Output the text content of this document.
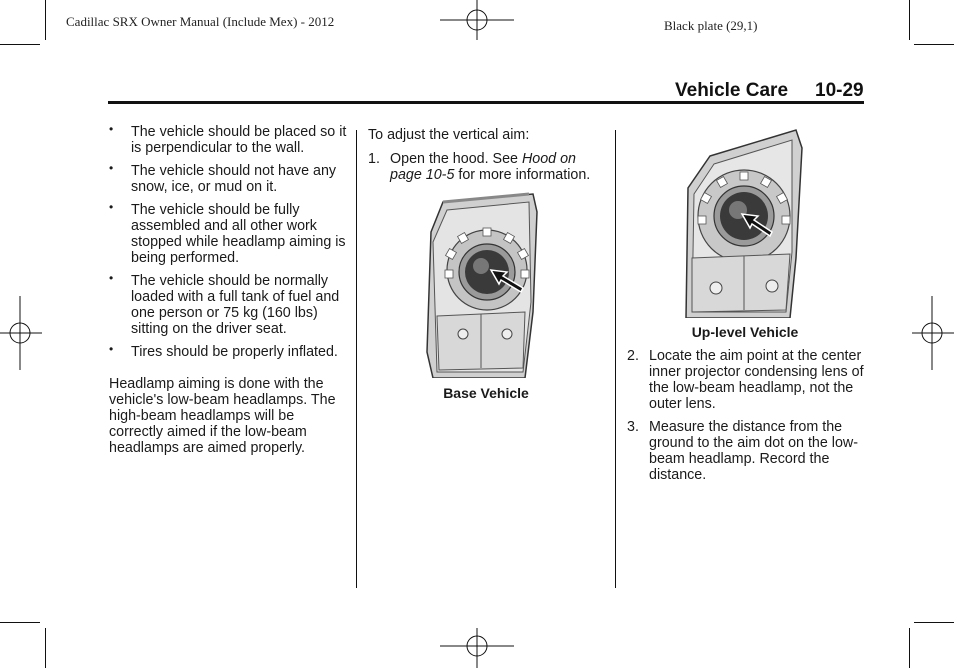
Cadillac SRX Owner Manual (Include Mex) - 2012	Black plate (29,1)
Vehicle Care 10-29
• The vehicle should be placed so it is perpendicular to the wall.
• The vehicle should not have any snow, ice, or mud on it.
• The vehicle should be fully assembled and all other work stopped while headlamp aiming is being performed.
• The vehicle should be normally loaded with a full tank of fuel and one person or 75 kg (160 lbs) sitting on the driver seat.
• Tires should be properly inflated.

Headlamp aiming is done with the vehicle's low-beam headlamps. The high-beam headlamps will be correctly aimed if the low-beam headlamps are aimed properly.

To adjust the vertical aim:
1. Open the hood. See Hood on page 10-5 for more information.
Base Vehicle
Up-level Vehicle
2. Locate the aim point at the center inner projector condensing lens of the low-beam headlamp, not the outer lens.
3. Measure the distance from the ground to the aim dot on the low-beam headlamp. Record the distance.
